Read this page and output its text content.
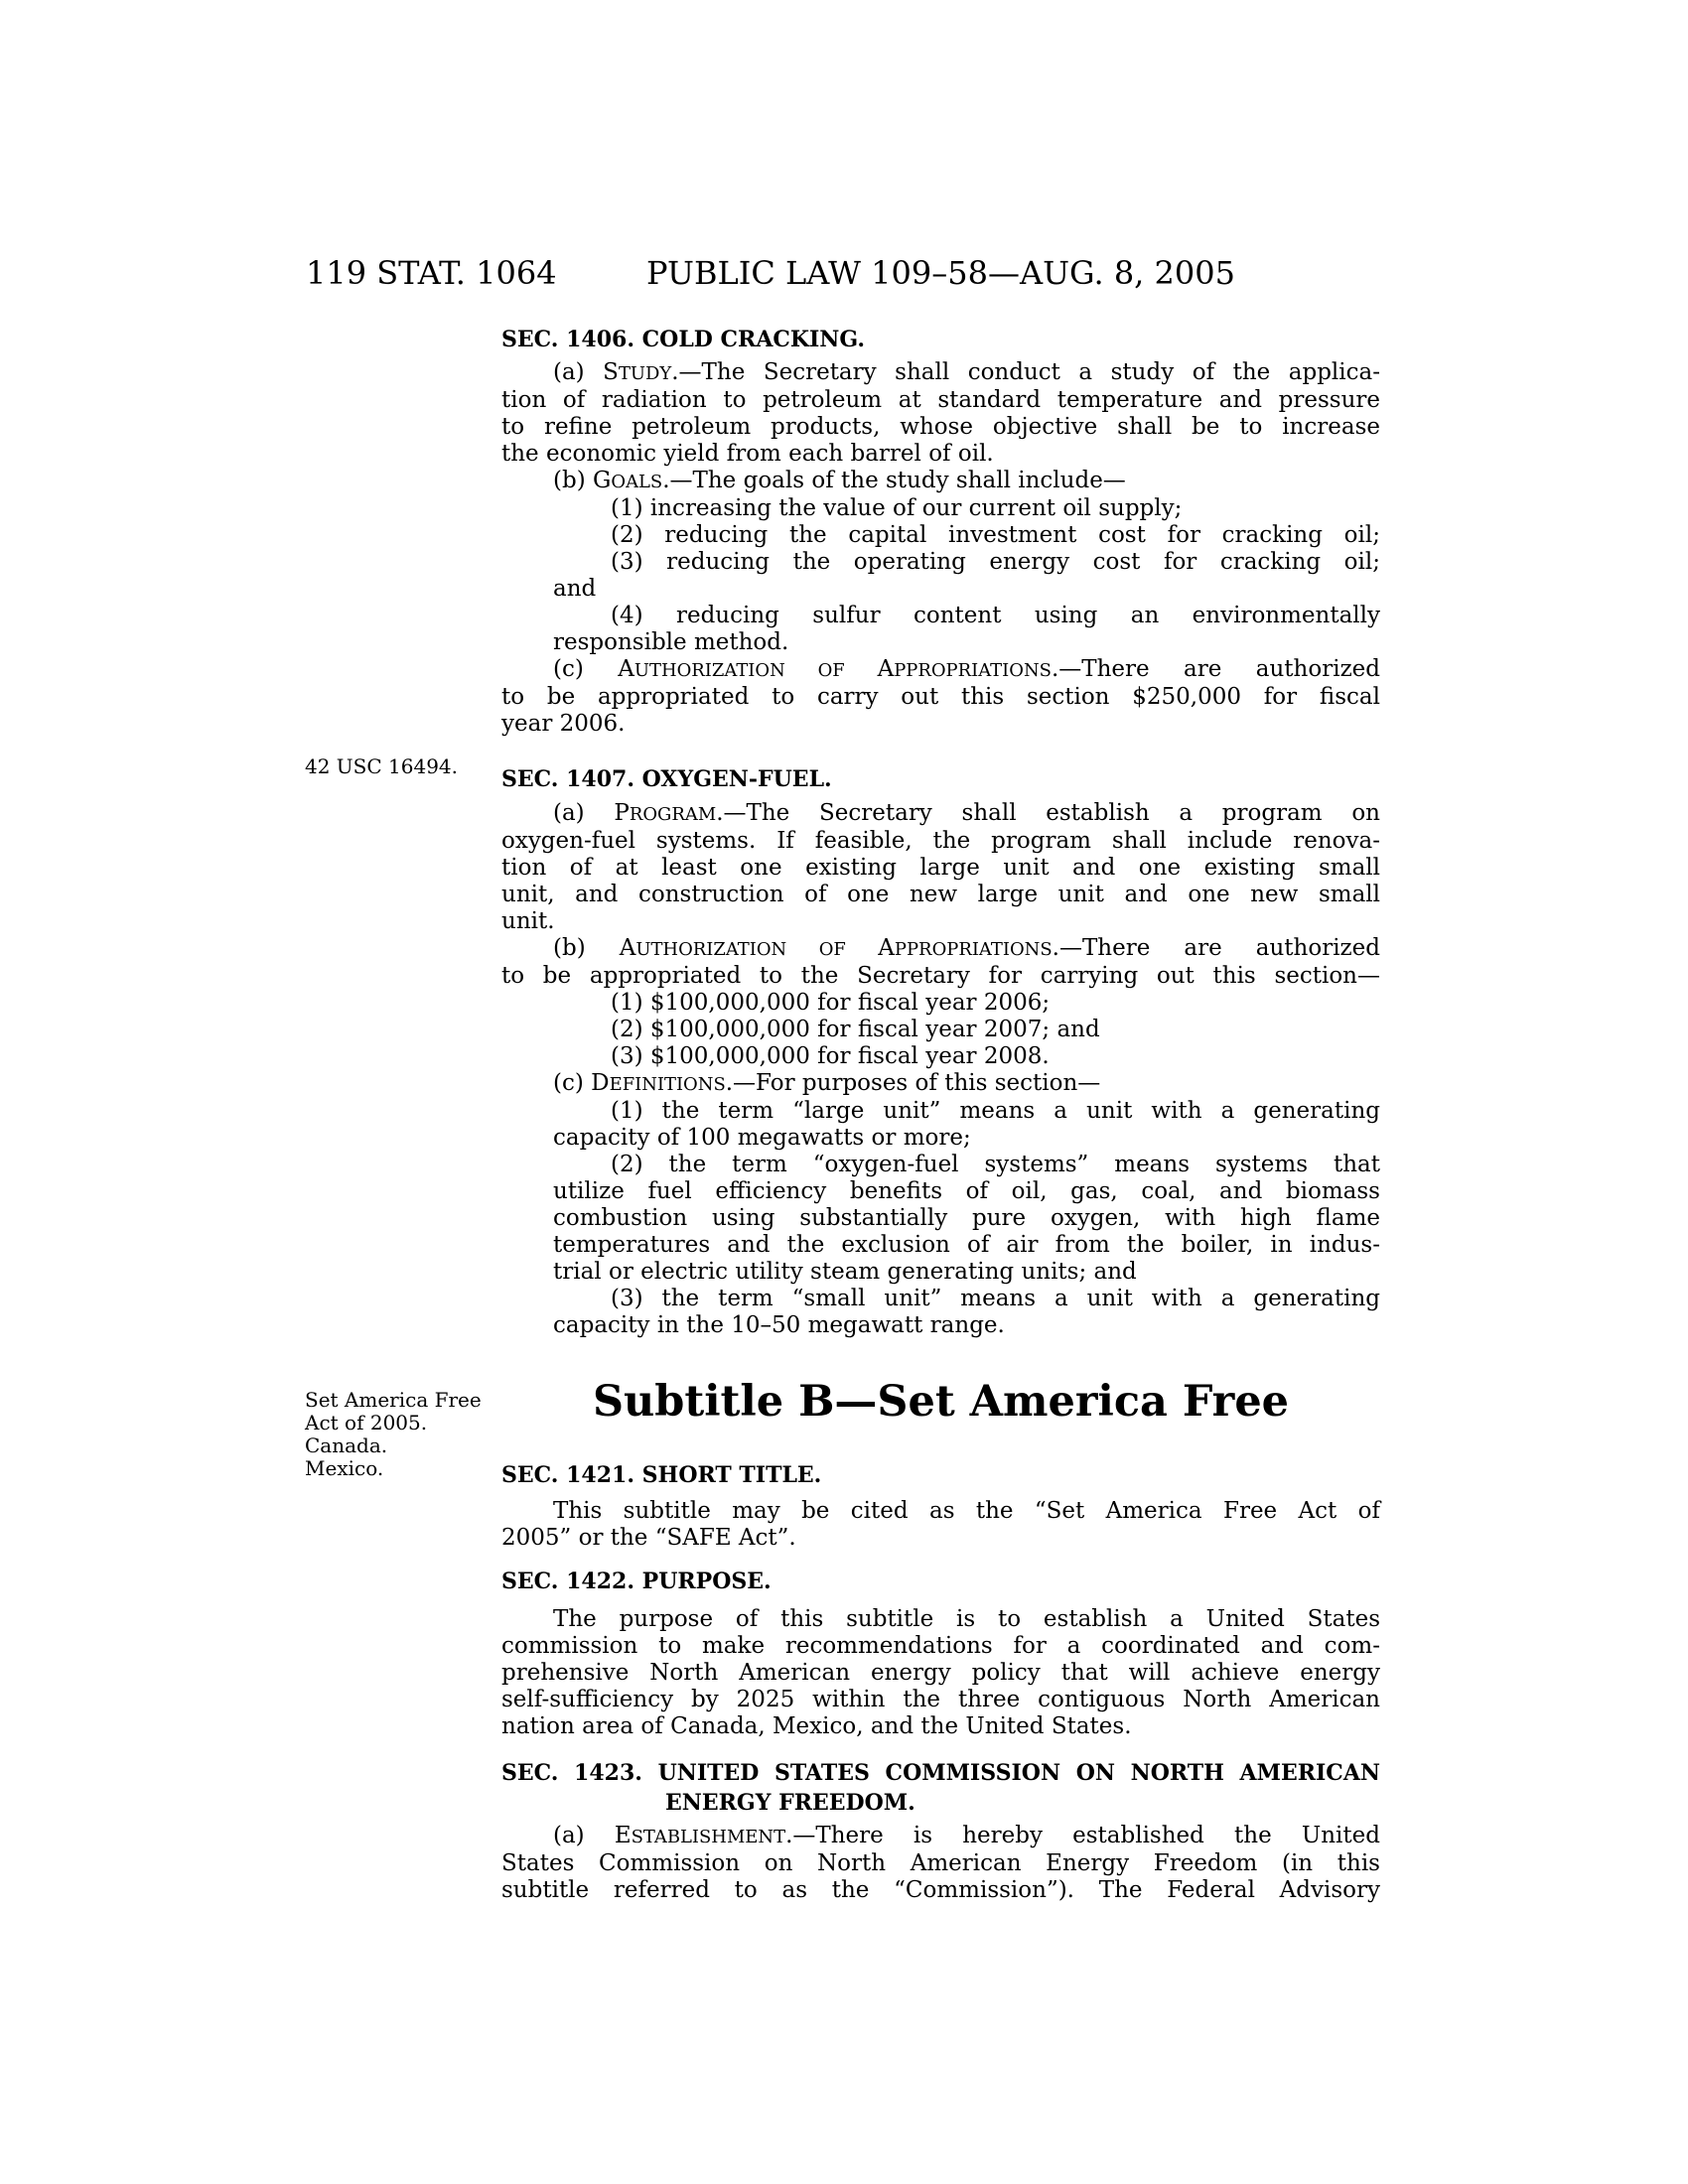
119 STAT. 1064	PUBLIC LAW 109–58—AUG. 8, 2005
42 USC 16494.
Set America Free
Act of 2005.
Canada.
Mexico.
SEC. 1406. COLD CRACKING.
(a) STUDY.—The Secretary shall conduct a study of the applica-
tion of radiation to petroleum at standard temperature and pressure
to refine petroleum products, whose objective shall be to increase
the economic yield from each barrel of oil.
(b) GOALS.—The goals of the study shall include—
(1) increasing the value of our current oil supply;
(2) reducing the capital investment cost for cracking oil;
(3) reducing the operating energy cost for cracking oil;
and
(4) reducing sulfur content using an environmentally
responsible method.
(c) AUTHORIZATION OF APPROPRIATIONS.—There are authorized
to be appropriated to carry out this section $250,000 for fiscal
year 2006.
SEC. 1407. OXYGEN-FUEL.
(a) PROGRAM.—The Secretary shall establish a program on
oxygen-fuel systems. If feasible, the program shall include renova-
tion of at least one existing large unit and one existing small
unit, and construction of one new large unit and one new small
unit.
(b) AUTHORIZATION OF APPROPRIATIONS.—There are authorized
to be appropriated to the Secretary for carrying out this section—
(1) $100,000,000 for fiscal year 2006;
(2) $100,000,000 for fiscal year 2007; and
(3) $100,000,000 for fiscal year 2008.
(c) DEFINITIONS.—For purposes of this section—
(1) the term “large unit” means a unit with a generating
capacity of 100 megawatts or more;
(2) the term “oxygen-fuel systems” means systems that
utilize fuel efficiency benefits of oil, gas, coal, and biomass
combustion using substantially pure oxygen, with high flame
temperatures and the exclusion of air from the boiler, in indus-
trial or electric utility steam generating units; and
(3) the term “small unit” means a unit with a generating
capacity in the 10–50 megawatt range.
Subtitle B—Set America Free
SEC. 1421. SHORT TITLE.
This subtitle may be cited as the “Set America Free Act of
2005” or the “SAFE Act”.
SEC. 1422. PURPOSE.
The purpose of this subtitle is to establish a United States
commission to make recommendations for a coordinated and com-
prehensive North American energy policy that will achieve energy
self-sufficiency by 2025 within the three contiguous North American
nation area of Canada, Mexico, and the United States.
SEC. 1423. UNITED STATES COMMISSION ON NORTH AMERICAN
ENERGY FREEDOM.
(a) ESTABLISHMENT.—There is hereby established the United
States Commission on North American Energy Freedom (in this
subtitle referred to as the “Commission”). The Federal Advisory
